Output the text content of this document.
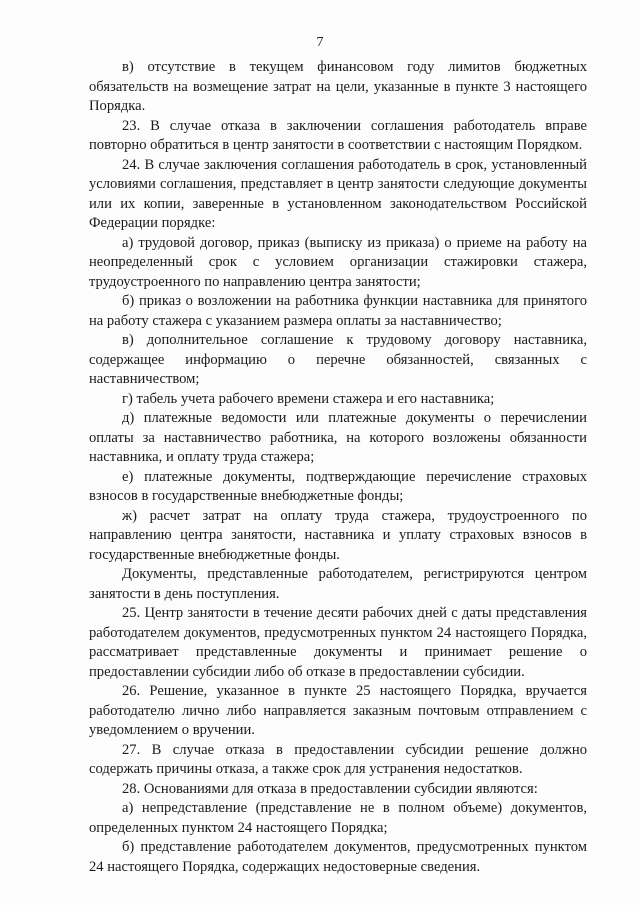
7

в) отсутствие в текущем финансовом году лимитов бюджетных обязательств на возмещение затрат на цели, указанные в пункте 3 настоящего Порядка.

23. В случае отказа в заключении соглашения работодатель вправе повторно обратиться в центр занятости в соответствии с настоящим Порядком.

24. В случае заключения соглашения работодатель в срок, установленный условиями соглашения, представляет в центр занятости следующие документы или их копии, заверенные в установленном законодательством Российской Федерации порядке:

а) трудовой договор, приказ (выписку из приказа) о приеме на работу на неопределенный срок с условием организации стажировки стажера, трудоустроенного по направлению центра занятости;

б) приказ о возложении на работника функции наставника для принятого на работу стажера с указанием размера оплаты за наставничество;

в) дополнительное соглашение к трудовому договору наставника, содержащее информацию о перечне обязанностей, связанных с наставничеством;

г) табель учета рабочего времени стажера и его наставника;

д) платежные ведомости или платежные документы о перечислении оплаты за наставничество работника, на которого возложены обязанности наставника, и оплату труда стажера;

е) платежные документы, подтверждающие перечисление страховых взносов в государственные внебюджетные фонды;

ж) расчет затрат на оплату труда стажера, трудоустроенного по направлению центра занятости, наставника и уплату страховых взносов в государственные внебюджетные фонды.

Документы, представленные работодателем, регистрируются центром занятости в день поступления.

25. Центр занятости в течение десяти рабочих дней с даты представления работодателем документов, предусмотренных пунктом 24 настоящего Порядка, рассматривает представленные документы и принимает решение о предоставлении субсидии либо об отказе в предоставлении субсидии.

26. Решение, указанное в пункте 25 настоящего Порядка, вручается работодателю лично либо направляется заказным почтовым отправлением с уведомлением о вручении.

27. В случае отказа в предоставлении субсидии решение должно содержать причины отказа, а также срок для устранения недостатков.

28. Основаниями для отказа в предоставлении субсидии являются:

а) непредставление (представление не в полном объеме) документов, определенных пунктом 24 настоящего Порядка;

б) представление работодателем документов, предусмотренных пунктом 24 настоящего Порядка, содержащих недостоверные сведения.
